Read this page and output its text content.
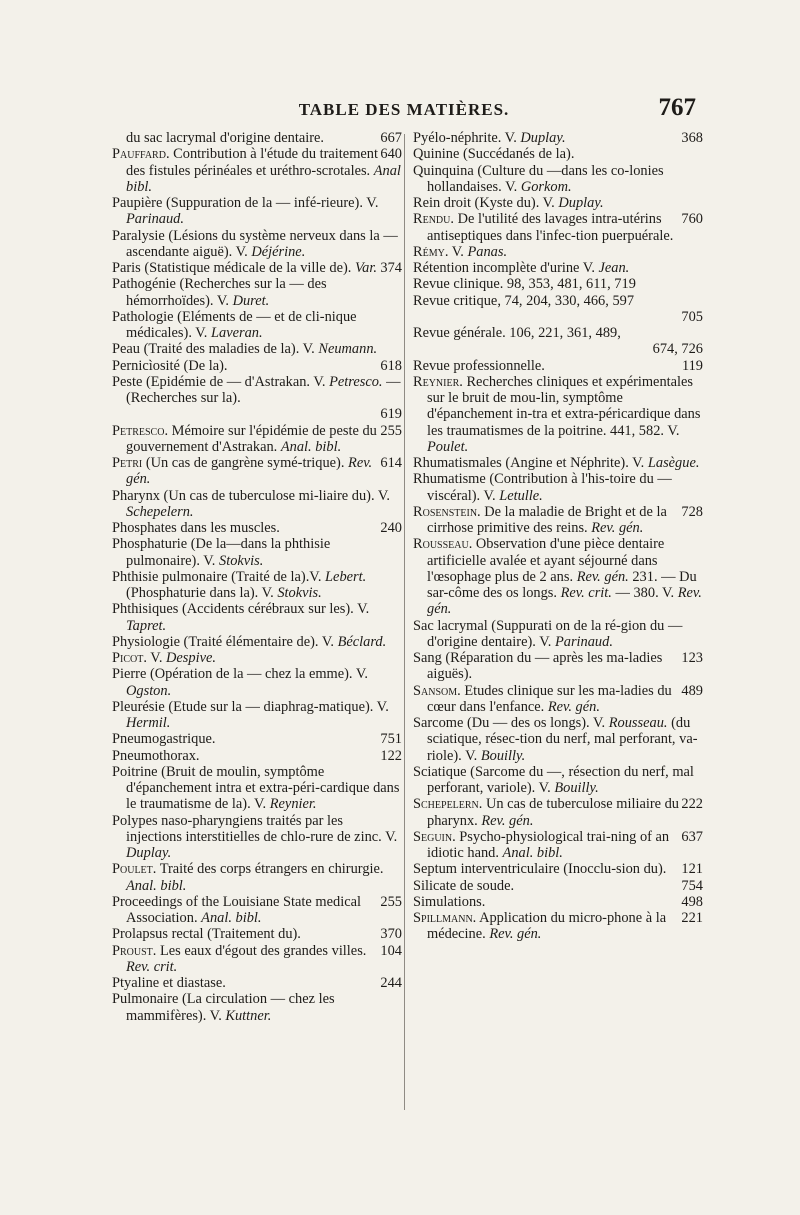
TABLE DES MATIÈRES.	767
667
du sac lacrymal d'origine dentaire.
640
Pauffard. Contribution à l'étude du traitement des fistules périnéales et uréthro-scrotales. Anal bibl.
Paupière (Suppuration de la — infé-rieure). V. Parinaud.
Paralysie (Lésions du système nerveux dans la — ascendante aiguë). V. Déjérine.
374
Paris (Statistique médicale de la ville de). Var.
Pathogénie (Recherches sur la — des hémorrhoïdes). V. Duret.
Pathologie (Eléments de — et de cli-nique médicales). V. Laveran.
Peau (Traité des maladies de la). V. Neumann.
618
Pernicìosité (De la).
Peste (Epidémie de — d'Astrakan. V. Petresco. — (Recherches sur la).
619
255
Petresco. Mémoire sur l'épidémie de peste du gouvernement d'Astrakan. Anal. bibl.
614
Petri (Un cas de gangrène symé-trique). Rev. gén.
Pharynx (Un cas de tuberculose mi-liaire du). V. Schepelern.
240
Phosphates dans les muscles.
Phosphaturie (De la—dans la phthisie pulmonaire). V. Stokvis.
Phthisie pulmonaire (Traité de la).V. Lebert. (Phosphaturie dans la). V. Stokvis.
Phthisiques (Accidents cérébraux sur les). V. Tapret.
Physiologie (Traité élémentaire de). V. Béclard.
Picot. V. Despive.
Pierre (Opération de la — chez la emme). V. Ogston.
Pleurésie (Etude sur la — diaphrag-matique). V. Hermil.
751
Pneumogastrique.
122
Pneumothorax.
Poitrine (Bruit de moulin, symptôme d'épanchement intra et extra-péri-cardique dans le traumatisme de la). V. Reynier.
Polypes naso-pharyngiens traités par les injections interstitielles de chlo-rure de zinc. V. Duplay.
Poulet. Traité des corps étrangers en chirurgie. Anal. bibl.
255
Proceedings of the Louisiane State medical Association. Anal. bibl.
370
Prolapsus rectal (Traitement du).
104
Proust. Les eaux d'égout des grandes villes. Rev. crit.
244
Ptyaline et diastase.
Pulmonaire (La circulation — chez les mammifères). V. Kuttner.
368
Pyélo-néphrite. V. Duplay.
Quinine (Succédanés de la).
Quinquina (Culture du —dans les co-lonies hollandaises. V. Gorkom.
Rein droit (Kyste du). V. Duplay.
760
Rendu. De l'utilité des lavages intra-utérins antiseptiques dans l'infec-tion puerpuérale.
Rémy. V. Panas.
Rétention incomplète d'urine V. Jean.
Revue clinique. 98, 353, 481, 611, 719
Revue critique, 74, 204, 330, 466, 597
705
Revue générale. 106, 221, 361, 489,
674, 726
119
Revue professionnelle.
Reynier. Recherches cliniques et expérimentales sur le bruit de mou-lin, symptôme d'épanchement in-tra et extra-péricardique dans les traumatismes de la poitrine. 441, 582. V. Poulet.
Rhumatismales (Angine et Néphrite). V. Lasègue.
Rhumatisme (Contribution à l'his-toire du — viscéral). V. Letulle.
728
Rosenstein. De la maladie de Bright et de la cirrhose primitive des reins. Rev. gén.
Rousseau. Observation d'une pièce dentaire artificielle avalée et ayant séjourné dans l'œsophage plus de 2 ans. Rev. gén. 231. — Du sar-côme des os longs. Rev. crit. — 380. V. Rev. gén.
Sac lacrymal (Suppurati on de la ré-gion du — d'origine dentaire). V. Parinaud.
123
Sang (Réparation du — après les ma-ladies aiguës).
489
Sansom. Etudes clinique sur les ma-ladies du cœur dans l'enfance. Rev. gén.
Sarcome (Du — des os longs). V. Rousseau. (du sciatique, résec-tion du nerf, mal perforant, va-riole). V. Bouilly.
Sciatique (Sarcome du —, résection du nerf, mal perforant, variole). V. Bouilly.
222
Schepelern. Un cas de tuberculose miliaire du pharynx. Rev. gén.
637
Seguin. Psycho-physiological trai-ning of an idiotic hand. Anal. bibl.
121
Septum interventriculaire (Inocclu-sion du).
754
Silicate de soude.
498
Simulations.
221
Spillmann. Application du micro-phone à la médecine. Rev. gén.
